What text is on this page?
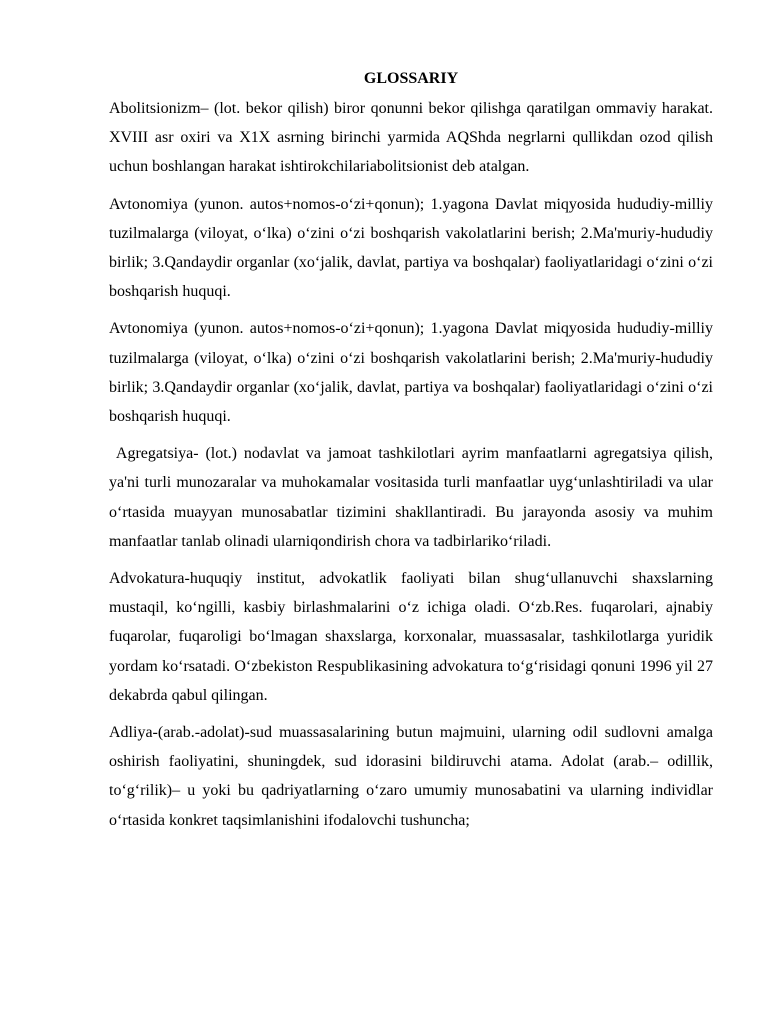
GLOSSARIY

Abolitsionizm– (lot. bekor qilish) biror qonunni bekor qilishga qaratilgan ommaviy harakat. XVIII asr oxiri va X1X asrning birinchi yarmida AQShda negrlarni qullikdan ozod qilish uchun boshlangan harakat ishtirokchilariabolitsionist deb atalgan.

Avtonomiya (yunon. autos+nomos-o‘zi+qonun); 1.yagona Davlat miqyosida hududiy-milliy tuzilmalarga (viloyat, o‘lka) o‘zini o‘zi boshqarish vakolatlarini berish; 2.Ma'muriy-hududiy birlik; 3.Qandaydir organlar (xo‘jalik, davlat, partiya va boshqalar) faoliyatlaridagi o‘zini o‘zi boshqarish huquqi.

Avtonomiya (yunon. autos+nomos-o‘zi+qonun); 1.yagona Davlat miqyosida hududiy-milliy tuzilmalarga (viloyat, o‘lka) o‘zini o‘zi boshqarish vakolatlarini berish; 2.Ma'muriy-hududiy birlik; 3.Qandaydir organlar (xo‘jalik, davlat, partiya va boshqalar) faoliyatlaridagi o‘zini o‘zi boshqarish huquqi.

Agregatsiya- (lot.) nodavlat va jamoat tashkilotlari ayrim manfaatlarni agregatsiya qilish, ya'ni turli munozaralar va muhokamalar vositasida turli manfaatlar uyg‘unlashtiriladi va ular o‘rtasida muayyan munosabatlar tizimini shakllantiradi. Bu jarayonda asosiy va muhim manfaatlar tanlab olinadi ularniqondirish chora va tadbirlariko‘riladi.

Advokatura-huquqiy institut, advokatlik faoliyati bilan shug‘ullanuvchi shaxslarning mustaqil, ko‘ngilli, kasbiy birlashmalarini o‘z ichiga oladi. O‘zb.Res. fuqarolari, ajnabiy fuqarolar, fuqaroligi bo‘lmagan shaxslarga, korxonalar, muassasalar, tashkilotlarga yuridik yordam ko‘rsatadi. O‘zbekiston Respublikasining advokatura to‘g‘risidagi qonuni 1996 yil 27 dekabrda qabul qilingan.

Adliya-(arab.-adolat)-sud muassasalarining butun majmuini, ularning odil sudlovni amalga oshirish faoliyatini, shuningdek, sud idorasini bildiruvchi atama. Adolat (arab.– odillik, to‘g‘rilik)– u yoki bu qadriyatlarning o‘zaro umumiy munosabatini va ularning individlar o‘rtasida konkret taqsimlanishini ifodalovchi tushuncha;
